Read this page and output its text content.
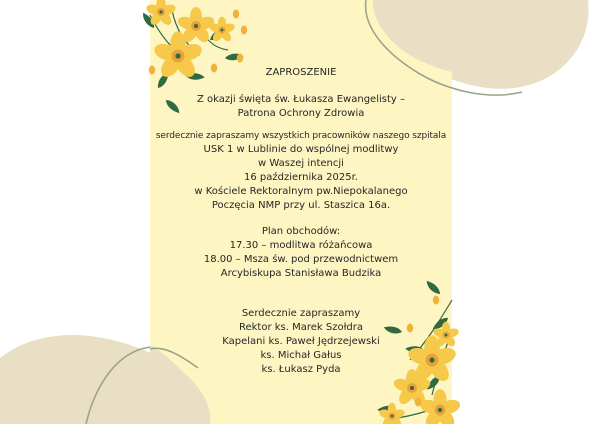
ZAPROSZENIE
Z okazji święta św. Łukasza Ewangelisty –
Patrona Ochrony Zdrowia
serdecznie zapraszamy wszystkich pracowników naszego szpitala
USK 1 w Lublinie do wspólnej modlitwy
w Waszej intencji
16 października 2025r.
w Kościele Rektoralnym pw.Niepokalanego
Poczęcia NMP przy ul. Staszica 16a.
Plan obchodów:
17.30 – modlitwa różańcowa
18.00 – Msza św. pod przewodnictwem
Arcybiskupa Stanisława Budzika
Serdecznie zapraszamy
Rektor ks. Marek Szołdra
Kapelani ks. Paweł Jędrzejewski
ks. Michał Gałus
ks. Łukasz Pyda
